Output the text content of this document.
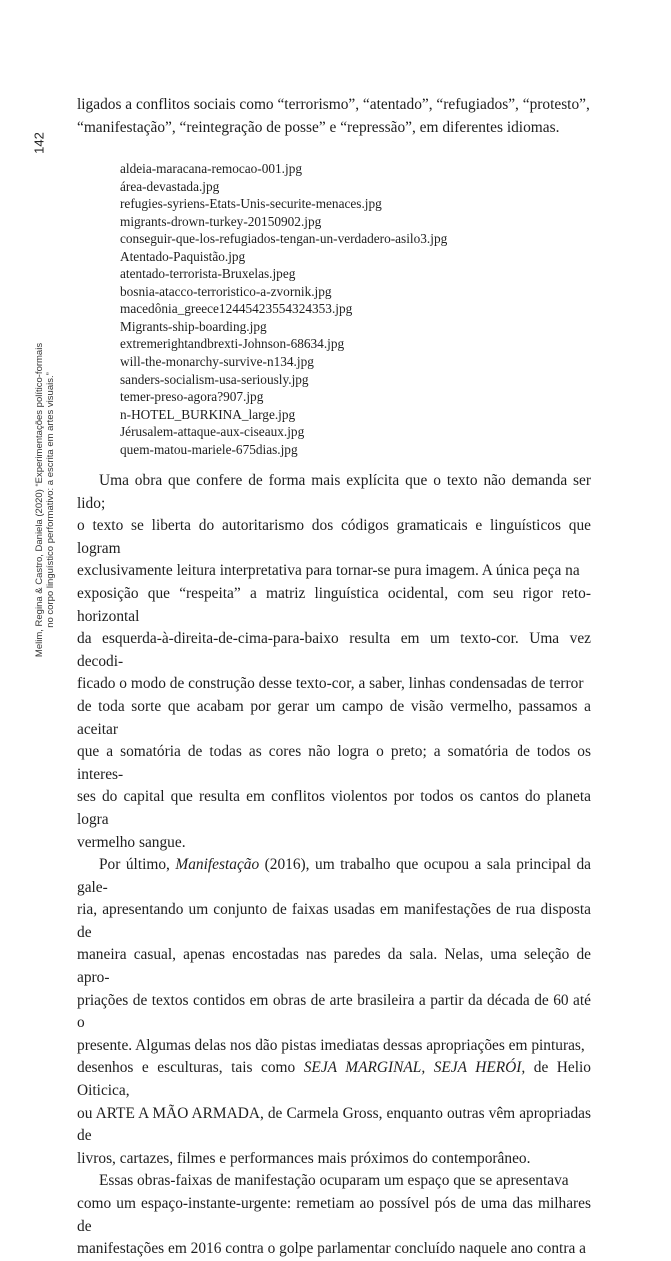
142
Melim, Regina & Castro, Daniela (2020) “Experimentações político-formais no corpo linguístico performativo: a escrita em artes visuais.”

ligados a conflitos sociais como “terrorismo”, “atentado”, “refugiados”, “protesto”,

“manifestação”, “reintegração de posse” e “repressão”, em diferentes idiomas.

aldeia-maracana-remocao-001.jpg
área-devastada.jpg
refugies-syriens-Etats-Unis-securite-menaces.jpg
migrants-drown-turkey-20150902.jpg
conseguir-que-los-refugiados-tengan-un-verdadero-asilo3.jpg
Atentado-Paquistão.jpg
atentado-terrorista-Bruxelas.jpeg
bosnia-atacco-terroristico-a-zvornik.jpg
macedônia_greece12445423554324353.jpg
Migrants-ship-boarding.jpg
extremerightandbrexti-Johnson-68634.jpg
will-the-monarchy-survive-n134.jpg
sanders-socialism-usa-seriously.jpg
temer-preso-agora?907.jpg
n-HOTEL_BURKINA_large.jpg
Jérusalem-attaque-aux-ciseaux.jpg
quem-matou-mariele-675dias.jpg

Uma obra que confere de forma mais explícita que o texto não demanda ser lido;
o texto se liberta do autoritarismo dos códigos gramaticais e linguísticos que logram
exclusivamente leitura interpretativa para tornar-se pura imagem. A única peça na
exposição que “respeita” a matriz linguística ocidental, com seu rigor reto-horizontal
da esquerda-à-direita-de-cima-para-baixo resulta em um texto-cor. Uma vez decodi-
ficado o modo de construção desse texto-cor, a saber, linhas condensadas de terror
de toda sorte que acabam por gerar um campo de visão vermelho, passamos a aceitar
que a somatória de todas as cores não logra o preto; a somatória de todos os interes-
ses do capital que resulta em conflitos violentos por todos os cantos do planeta logra
vermelho sangue.

Por último, Manifestação (2016), um trabalho que ocupou a sala principal da gale-
ria, apresentando um conjunto de faixas usadas em manifestações de rua disposta de
maneira casual, apenas encostadas nas paredes da sala. Nelas, uma seleção de apro-
priações de textos contidos em obras de arte brasileira a partir da década de 60 até o
presente. Algumas delas nos dão pistas imediatas dessas apropriações em pinturas,
desenhos e esculturas, tais como SEJA MARGINAL, SEJA HERÓI, de Helio Oiticica,
ou ARTE A MÃO ARMADA, de Carmela Gross, enquanto outras vêm apropriadas de
livros, cartazes, filmes e performances mais próximos do contemporâneo.

Essas obras-faixas de manifestação ocuparam um espaço que se apresentava
como um espaço-instante-urgente: remetiam ao possível pós de uma das milhares de
manifestações em 2016 contra o golpe parlamentar concluído naquele ano contra a
